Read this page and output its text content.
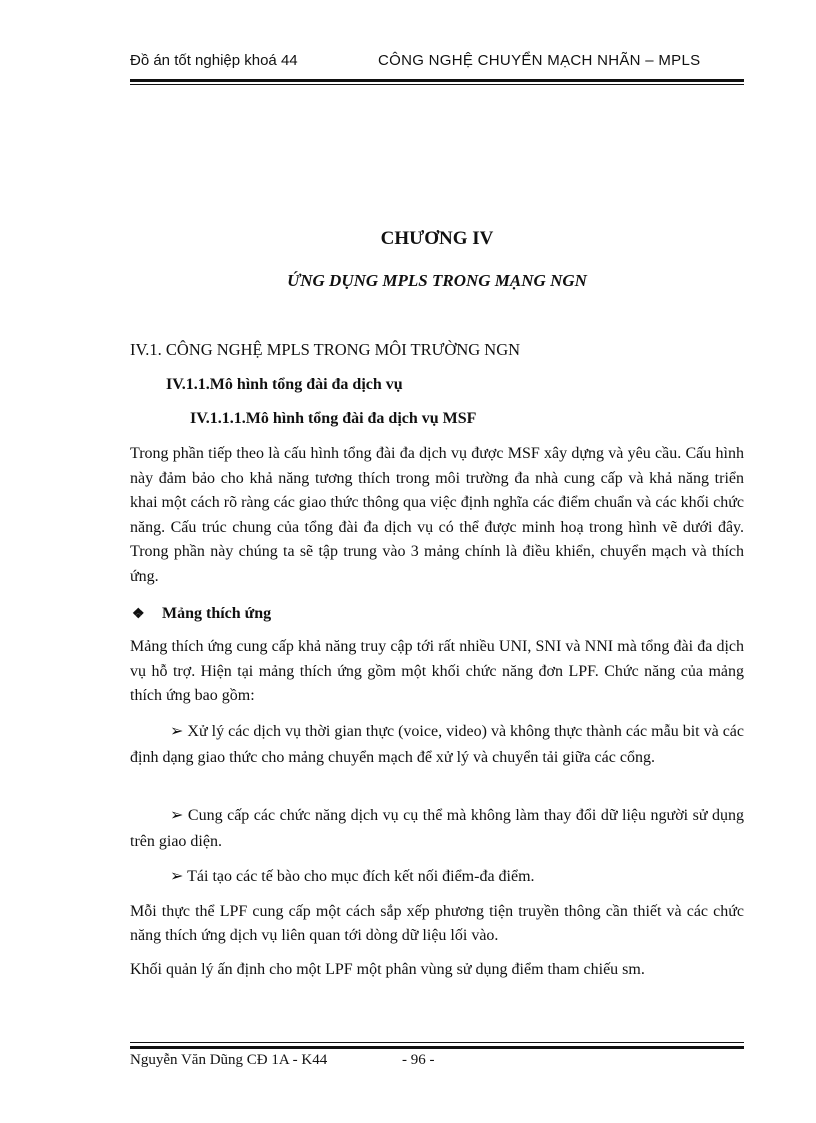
Đồ án tốt nghiệp khoá 44	CÔNG NGHỆ CHUYỂN MẠCH NHÃN – MPLS
CHƯƠNG IV
ỨNG DỤNG MPLS TRONG MẠNG NGN
IV.1. CÔNG NGHỆ MPLS TRONG MÔI TRƯỜNG NGN
IV.1.1.Mô hình tổng đài đa dịch vụ
IV.1.1.1.Mô hình tổng đài đa dịch vụ MSF
Trong phần tiếp theo là cấu hình tổng đài đa dịch vụ được MSF xây dựng và yêu cầu. Cấu hình này đảm bảo cho khả năng tương thích trong môi trường đa nhà cung cấp và khả năng triển khai một cách rõ ràng các giao thức thông qua việc định nghĩa các điểm chuẩn và các khối chức năng. Cấu trúc chung của tổng đài đa dịch vụ có thể được minh hoạ trong hình vẽ dưới đây. Trong phần này chúng ta sẽ tập trung vào 3 mảng chính là điều khiển, chuyển mạch và thích ứng.
❖ Mảng thích ứng
Mảng thích ứng cung cấp khả năng truy cập tới rất nhiều UNI, SNI và NNI mà tổng đài đa dịch vụ hỗ trợ. Hiện tại mảng thích ứng gồm một khối chức năng đơn LPF. Chức năng của mảng thích ứng bao gồm:
➢ Xử lý các dịch vụ thời gian thực (voice, video) và không thực thành các mẫu bit và các định dạng giao thức cho mảng chuyển mạch để xử lý và chuyển tải giữa các cổng.
➢ Cung cấp các chức năng dịch vụ cụ thể mà không làm thay đổi dữ liệu người sử dụng trên giao diện.
➢ Tái tạo các tế bào cho mục đích kết nối điểm-đa điểm.
Mỗi thực thể LPF cung cấp một cách sắp xếp phương tiện truyền thông cần thiết và các chức năng thích ứng dịch vụ liên quan tới dòng dữ liệu lối vào.
Khối quản lý ấn định cho một LPF một phân vùng sử dụng điểm tham chiếu sm.
Nguyễn Văn Dũng CĐ 1A - K44	- 96 -
